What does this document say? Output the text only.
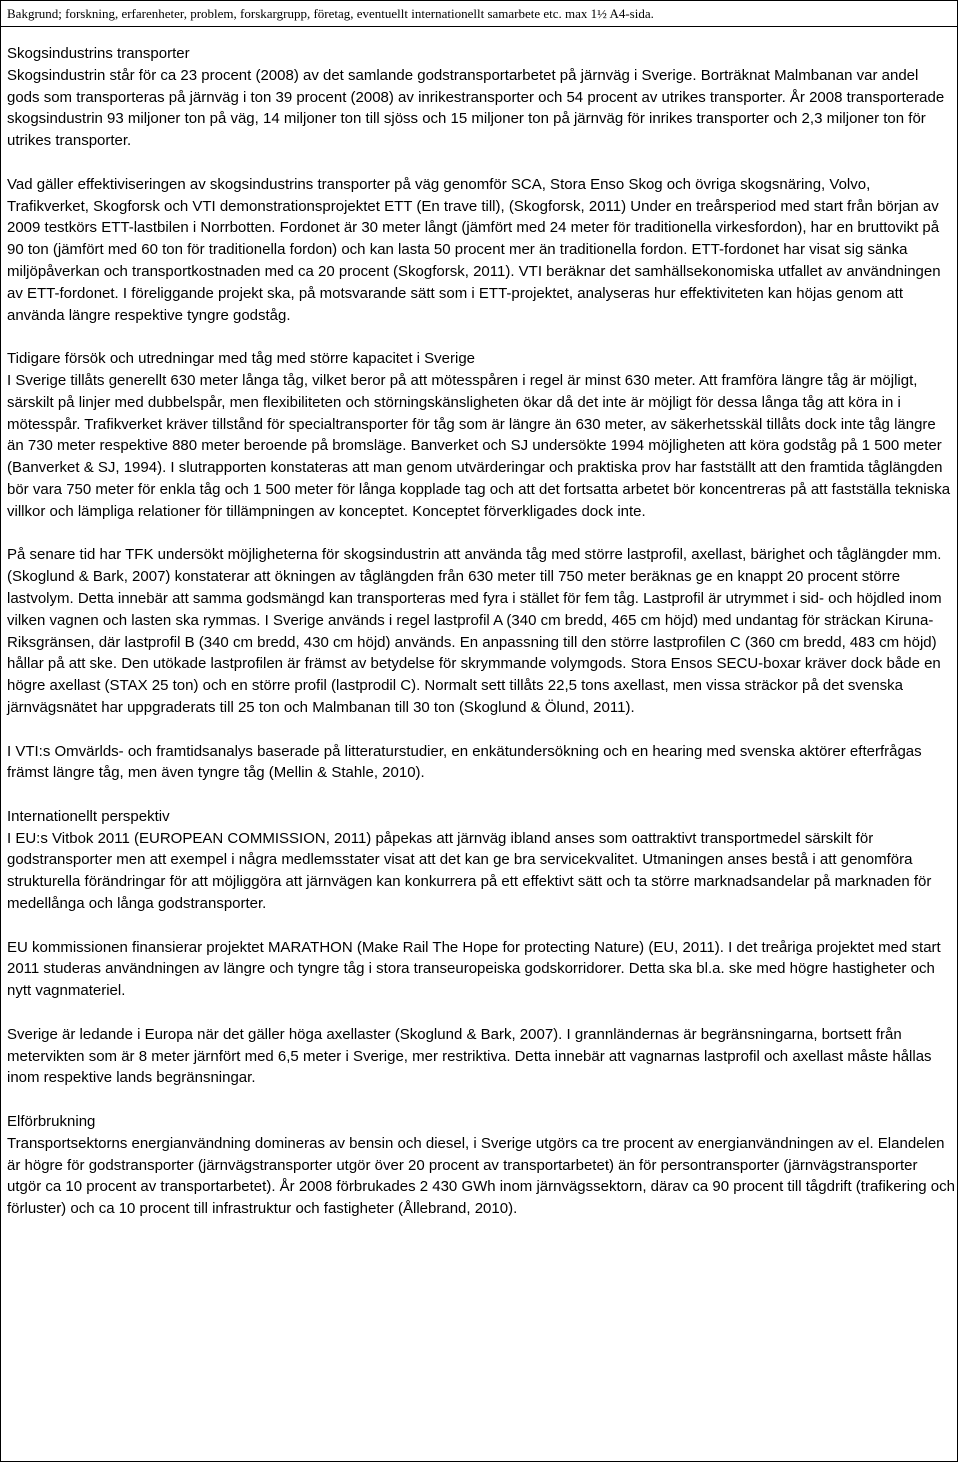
Bakgrund; forskning, erfarenheter, problem, forskargrupp, företag, eventuellt internationellt samarbete etc. max 1½ A4-sida.

Skogsindustrins transporter

Skogsindustrin står för ca 23 procent (2008) av det samlande godstransportarbetet på järnväg i Sverige. Borträknat Malmbanan var andel gods som transporteras på järnväg i ton 39 procent (2008) av inrikestransporter och 54 procent av utrikes transporter. År 2008 transporterade skogsindustrin 93 miljoner ton på väg, 14 miljoner ton till sjöss och 15 miljoner ton på järnväg för inrikes transporter och 2,3 miljoner ton för utrikes transporter.

Vad gäller effektiviseringen av skogsindustrins transporter på väg genomför SCA, Stora Enso Skog och övriga skogsnäring, Volvo, Trafikverket, Skogforsk och VTI demonstrationsprojektet ETT (En trave till), (Skogforsk, 2011) Under en treårsperiod med start från början av 2009 testkörs ETT-lastbilen i Norrbotten. Fordonet är 30 meter långt (jämfört med 24 meter för traditionella virkesfordon), har en bruttovikt på 90 ton (jämfört med 60 ton för traditionella fordon) och kan lasta 50 procent mer än traditionella fordon. ETT-fordonet har visat sig sänka miljöpåverkan och transportkostnaden med ca 20 procent (Skogforsk, 2011). VTI beräknar det samhällsekonomiska utfallet av användningen av ETT-fordonet. I föreliggande projekt ska, på motsvarande sätt som i ETT-projektet, analyseras hur effektiviteten kan höjas genom att använda längre respektive tyngre godståg.

Tidigare försök och utredningar med tåg med större kapacitet i Sverige

I Sverige tillåts generellt 630 meter långa tåg, vilket beror på att mötesspåren i regel är minst 630 meter. Att framföra längre tåg är möjligt, särskilt på linjer med dubbelspår, men flexibiliteten och störningskänsligheten ökar då det inte är möjligt för dessa långa tåg att köra in i mötesspår. Trafikverket kräver tillstånd för specialtransporter för tåg som är längre än 630 meter, av säkerhetsskäl tillåts dock inte tåg längre än 730 meter respektive 880 meter beroende på bromsläge. Banverket och SJ undersökte 1994 möjligheten att köra godståg på 1 500 meter (Banverket & SJ, 1994). I slutrapporten konstateras att man genom utvärderingar och praktiska prov har fastställt att den framtida tåglängden bör vara 750 meter för enkla tåg och 1 500 meter för långa kopplade tag och att det fortsatta arbetet bör koncentreras på att fastställa tekniska villkor och lämpliga relationer för tillämpningen av konceptet. Konceptet förverkligades dock inte.

På senare tid har TFK undersökt möjligheterna för skogsindustrin att använda tåg med större lastprofil, axellast, bärighet och tåglängder mm. (Skoglund & Bark, 2007) konstaterar att ökningen av tåglängden från 630 meter till 750 meter beräknas ge en knappt 20 procent större lastvolym. Detta innebär att samma godsmängd kan transporteras med fyra i stället för fem tåg. Lastprofil är utrymmet i sid- och höjdled inom vilken vagnen och lasten ska rymmas. I Sverige används i regel lastprofil A (340 cm bredd, 465 cm höjd) med undantag för sträckan Kiruna-Riksgränsen, där lastprofil B (340 cm bredd, 430 cm höjd) används. En anpassning till den större lastprofilen C (360 cm bredd, 483 cm höjd) hållar på att ske. Den utökade lastprofilen är främst av betydelse för skrymmande volymgods. Stora Ensos SECU-boxar kräver dock både en högre axellast (STAX 25 ton) och en större profil (lastprodil C). Normalt sett tillåts 22,5 tons axellast, men vissa sträckor på det svenska järnvägsnätet har uppgraderats till 25 ton och Malmbanan till 30 ton (Skoglund & Ölund, 2011).

I VTI:s Omvärlds- och framtidsanalys baserade på litteraturstudier, en enkätundersökning och en hearing med svenska aktörer efterfrågas främst längre tåg, men även tyngre tåg (Mellin & Stahle, 2010).

Internationellt perspektiv

I EU:s Vitbok 2011 (EUROPEAN COMMISSION, 2011) påpekas att järnväg ibland anses som oattraktivt transportmedel särskilt för godstransporter men att exempel i några medlemsstater visat att det kan ge bra servicekvalitet. Utmaningen anses bestå i att genomföra strukturella förändringar för att möjliggöra att järnvägen kan konkurrera på ett effektivt sätt och ta större marknadsandelar på marknaden för medellånga och långa godstransporter.

EU kommissionen finansierar projektet MARATHON (Make Rail The Hope for protecting Nature) (EU, 2011). I det treåriga projektet med start 2011 studeras användningen av längre och tyngre tåg i stora transeuropeiska godskorridorer. Detta ska bl.a. ske med högre hastigheter och nytt vagnmateriel.

Sverige är ledande i Europa när det gäller höga axellaster (Skoglund & Bark, 2007). I grannländernas är begränsningarna, bortsett från metervikten som är 8 meter järnfört med 6,5 meter i Sverige, mer restriktiva. Detta innebär att vagnarnas lastprofil och axellast måste hållas inom respektive lands begränsningar.

Elförbrukning

Transportsektorns energianvändning domineras av bensin och diesel, i Sverige utgörs ca tre procent av energianvändningen av el. Elandelen är högre för godstransporter (järnvägstransporter utgör över 20 procent av transportarbetet) än för persontransporter (järnvägstransporter utgör ca 10 procent av transportarbetet). År 2008 förbrukades 2 430 GWh inom järnvägssektorn, därav ca 90 procent till tågdrift (trafikering och förluster) och ca 10 procent till infrastruktur och fastigheter (Ållebrand, 2010).
